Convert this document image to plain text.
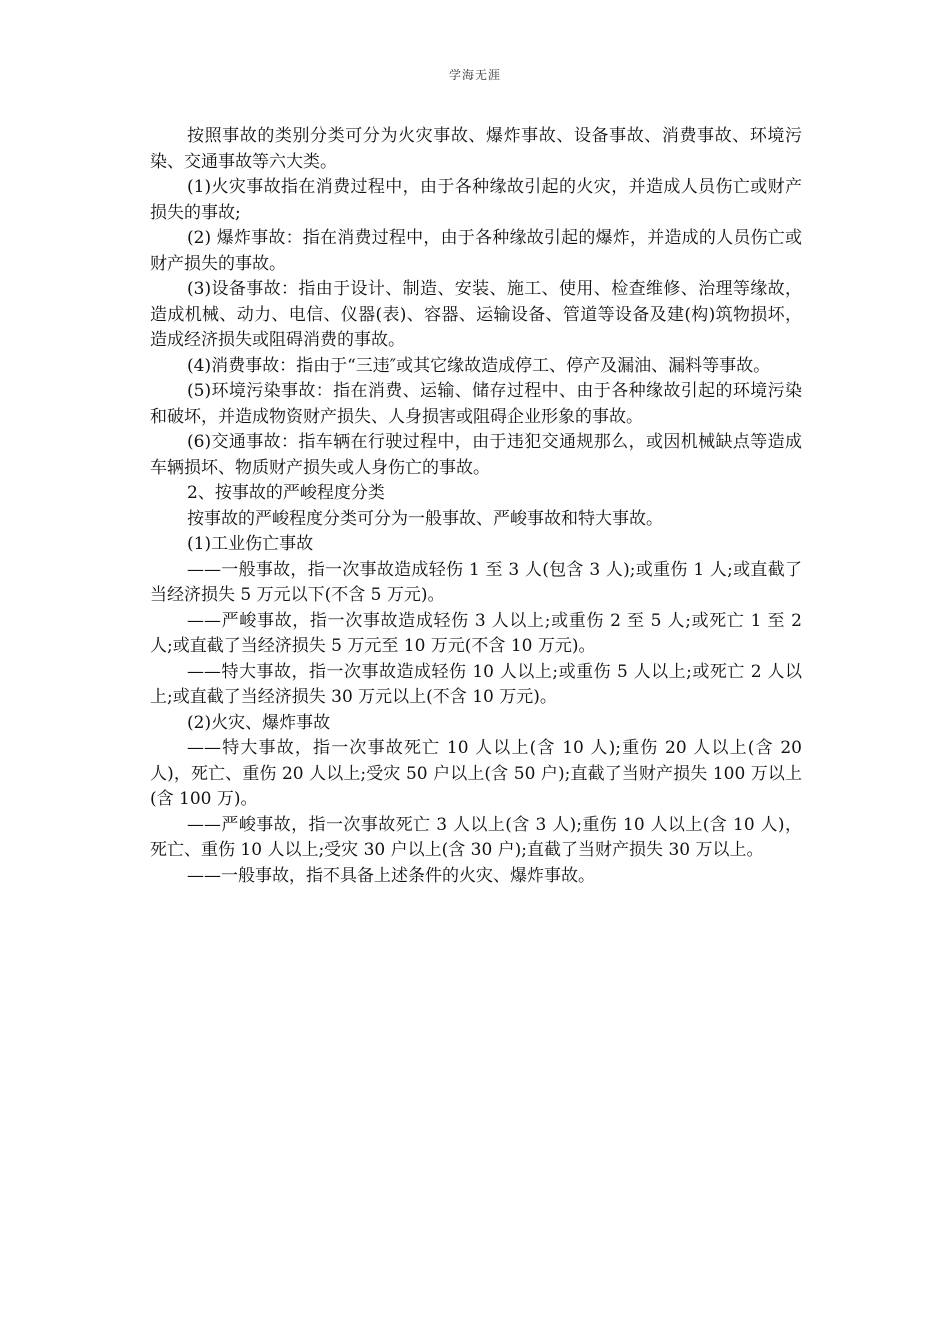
学海无涯

按照事故的类别分类可分为火灾事故、爆炸事故、设备事故、消费事故、环境污染、交通事故等六大类。

(1)火灾事故指在消费过程中，由于各种缘故引起的火灾，并造成人员伤亡或财产损失的事故;

(2) 爆炸事故：指在消费过程中，由于各种缘故引起的爆炸，并造成的人员伤亡或财产损失的事故。

(3)设备事故：指由于设计、制造、安装、施工、使用、检查维修、治理等缘故，造成机械、动力、电信、仪器(表)、容器、运输设备、管道等设备及建(构)筑物损坏，造成经济损失或阻碍消费的事故。

(4)消费事故：指由于“三违″或其它缘故造成停工、停产及漏油、漏料等事故。

(5)环境污染事故：指在消费、运输、储存过程中、由于各种缘故引起的环境污染和破坏，并造成物资财产损失、人身损害或阻碍企业形象的事故。

(6)交通事故：指车辆在行驶过程中，由于违犯交通规那么，或因机械缺点等造成车辆损坏、物质财产损失或人身伤亡的事故。

2、按事故的严峻程度分类

按事故的严峻程度分类可分为一般事故、严峻事故和特大事故。

(1)工业伤亡事故

——一般事故，指一次事故造成轻伤 1 至 3 人(包含 3 人);或重伤 1 人;或直截了当经济损失 5 万元以下(不含 5 万元)。

——严峻事故，指一次事故造成轻伤 3 人以上;或重伤 2 至 5 人;或死亡 1 至 2 人;或直截了当经济损失 5 万元至 10 万元(不含 10 万元)。

——特大事故，指一次事故造成轻伤 10 人以上;或重伤 5 人以上;或死亡 2 人以上;或直截了当经济损失 30 万元以上(不含 10 万元)。

(2)火灾、爆炸事故

——特大事故，指一次事故死亡 10 人以上(含 10 人);重伤 20 人以上(含 20 人)，死亡、重伤 20 人以上;受灾 50 户以上(含 50 户);直截了当财产损失 100 万以上(含 100 万)。

——严峻事故，指一次事故死亡 3 人以上(含 3 人);重伤 10 人以上(含 10 人)，死亡、重伤 10 人以上;受灾 30 户以上(含 30 户);直截了当财产损失 30 万以上。

——一般事故，指不具备上述条件的火灾、爆炸事故。
